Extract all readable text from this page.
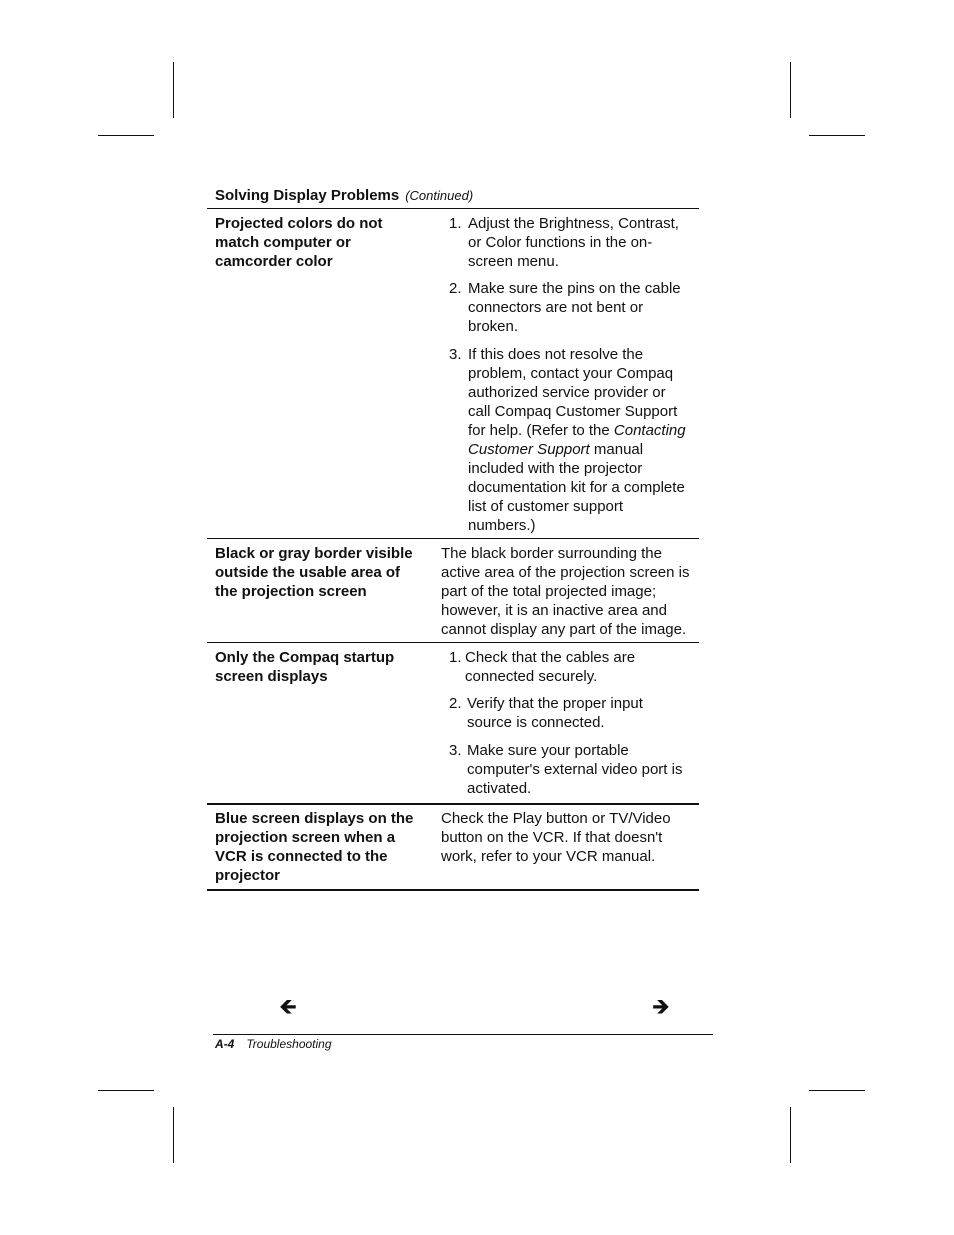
Solving Display Problems (Continued)
Projected colors do not match computer or camcorder color
1. Adjust the Brightness, Contrast, or Color functions in the on-screen menu.
2. Make sure the pins on the cable connectors are not bent or broken.
3. If this does not resolve the problem, contact your Compaq authorized service provider or call Compaq Customer Support for help. (Refer to the Contacting Customer Support manual included with the projector documentation kit for a complete list of customer support numbers.)
Black or gray border visible outside the usable area of the projection screen
The black border surrounding the active area of the projection screen is part of the total projected image; however, it is an inactive area and cannot display any part of the image.
Only the Compaq startup screen displays
1. Check that the cables are connected securely.
2. Verify that the proper input source is connected.
3. Make sure your portable computer's external video port is activated.
Blue screen displays on the projection screen when a VCR is connected to the projector
Check the Play button or TV/Video button on the VCR. If that doesn't work, refer to your VCR manual.
🡸	🡺
A-4 Troubleshooting
